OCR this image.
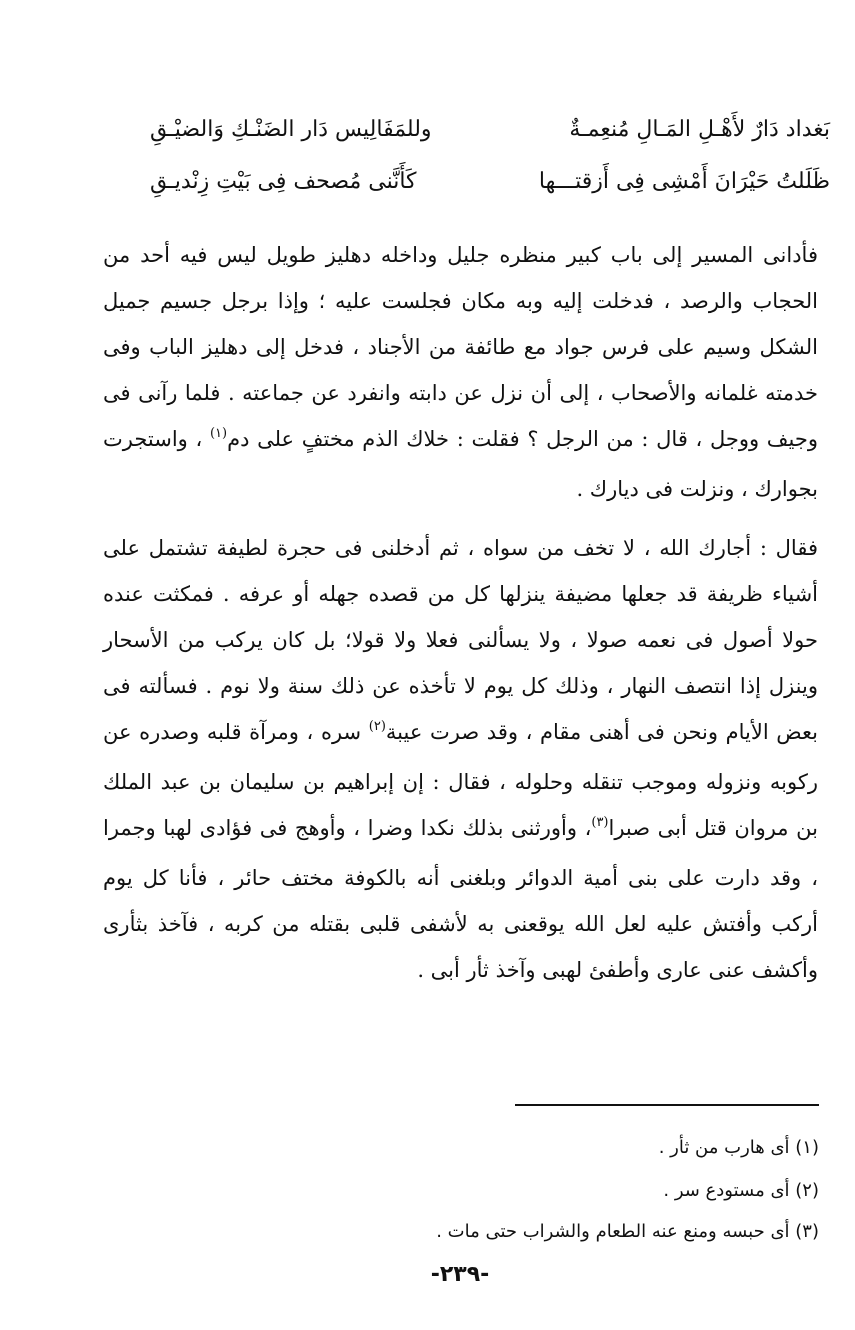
بَغداد دَارٌ لأَهْـلِ المَـالِ مُنعِمـةٌ
وللمَفَالِيس دَار الضَنْـكِ وَالضيْـقِ
ظَلَلتُ حَيْرَانَ أَمْشِى فِى أَزقتـــها
كَأَنَّنى مُصحف فِى بَيْتِ زِنْديـقِ

فأدانى المسير إلى باب كبير منظره جليل وداخله دهليز طويل ليس فيه أحد من الحجاب والرصد ، فدخلت إليه وبه مكان فجلست عليه ؛ وإذا برجل جسيم جميل الشكل وسيم على فرس جواد مع طائفة من الأجناد ، فدخل إلى دهليز الباب وفى خدمته غلمانه والأصحاب ، إلى أن نزل عن دابته وانفرد عن جماعته . فلما رآنى فى وجيف ووجل ، قال : من الرجل ؟ فقلت : خلاك الذم مختفٍ على دم$^{(١)}$ ، واستجرت بجوارك ، ونزلت فى ديارك .

فقال : أجارك الله ، لا تخف من سواه ، ثم أدخلنى فى حجرة لطيفة تشتمل على أشياء ظريفة قد جعلها مضيفة ينزلها كل من قصده جهله أو عرفه . فمكثت عنده حولا أصول فى نعمه صولا ، ولا يسألنى فعلا ولا قولا؛ بل كان يركب من الأسحار وينزل إذا انتصف النهار ، وذلك كل يوم لا تأخذه عن ذلك سنة ولا نوم . فسألته فى بعض الأيام ونحن فى أهنى مقام ، وقد صرت عيبة$^{(٢)}$ سره ، ومرآة قلبه وصدره عن ركوبه ونزوله وموجب تنقله وحلوله ، فقال : إن إبراهيم بن سليمان بن عبد الملك بن مروان قتل أبى صبرا$^{(٣)}$، وأورثنى بذلك نكدا وضرا ، وأوهج فى فؤادى لهبا وجمرا ، وقد دارت على بنى أمية الدوائر وبلغنى أنه بالكوفة مختف حائر ، فأنا كل يوم أركب وأفتش عليه لعل الله يوقعنى به لأشفى قلبى بقتله من كربه ، فآخذ بثأرى وأكشف عنى عارى وأطفئ لهبى وآخذ ثأر أبى .

(١) أى هارب من ثأر .
(٢) أى مستودع سر .
(٣) أى حبسه ومنع عنه الطعام والشراب حتى مات .
-٢٣٩-
